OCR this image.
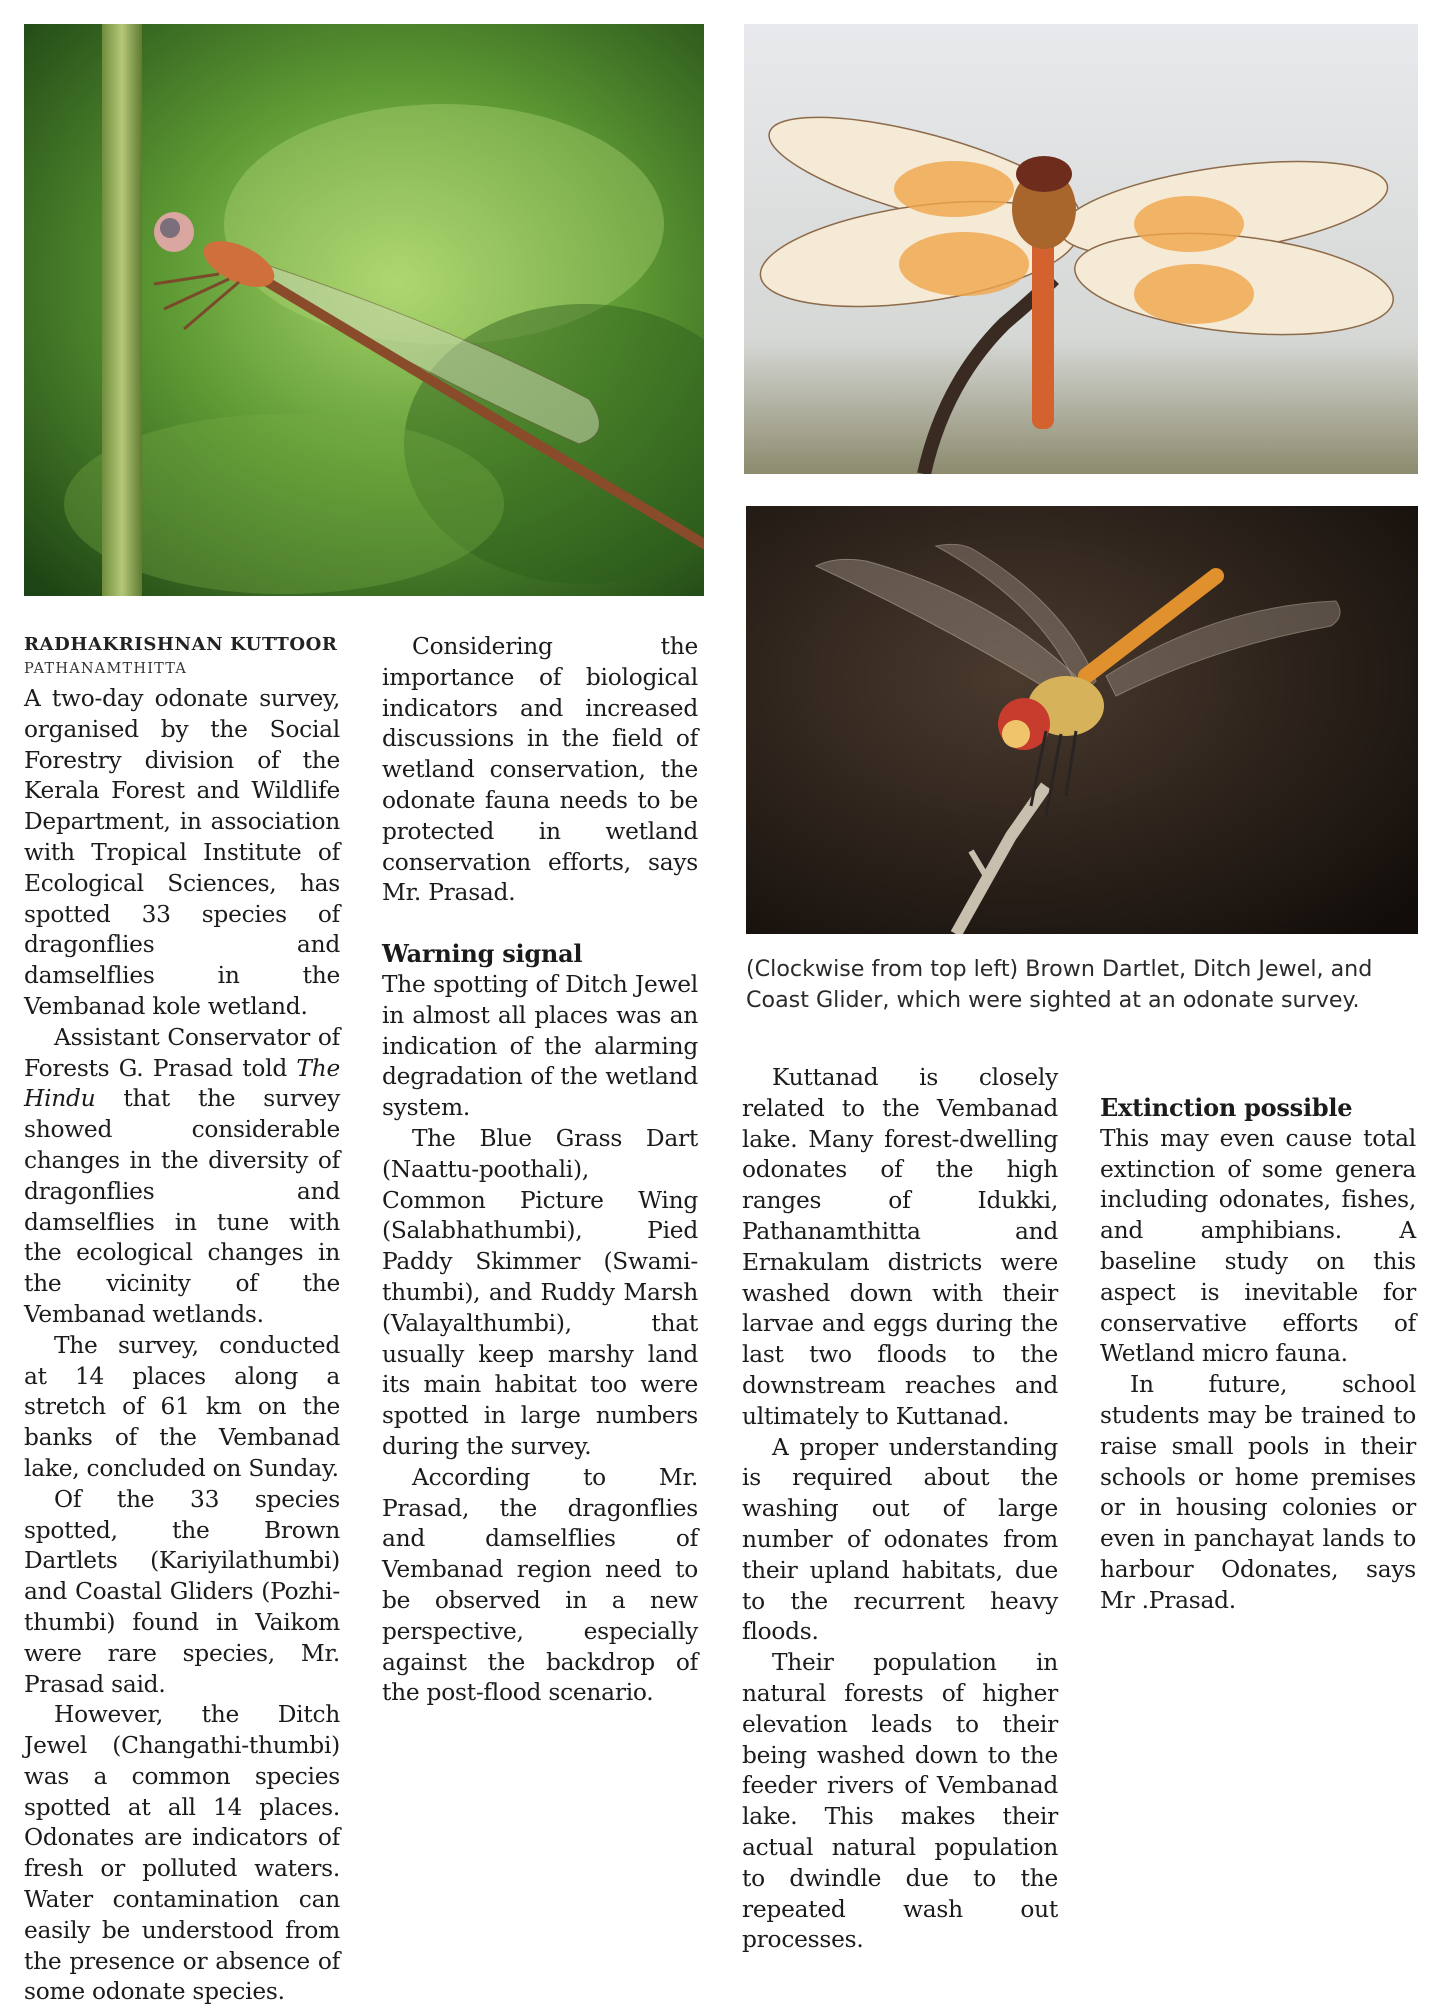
(Clockwise from top left) Brown Dartlet, Ditch Jewel, and Coast Glider, which were sighted at an odonate survey.
RADHAKRISHNAN KUTTOOR
PATHANAMTHITTA

A two-day odonate survey, organised by the Social Forestry division of the Kerala Forest and Wildlife Department, in association with Tropical Institute of Ecological Sciences, has spotted 33 species of dragonflies and damselflies in the Vembanad kole wetland.

Assistant Conservator of Forests G. Prasad told The Hindu that the survey showed considerable changes in the diversity of dragonflies and damselflies in tune with the ecological changes in the vicinity of the Vembanad wetlands.

The survey, conducted at 14 places along a stretch of 61 km on the banks of the Vembanad lake, concluded on Sunday.

Of the 33 species spotted, the Brown Dartlets (Kariyilathumbi) and Coastal Gliders (Pozhi-thumbi) found in Vaikom were rare species, Mr. Prasad said.

However, the Ditch Jewel (Changathi-thumbi) was a common species spotted at all 14 places. Odonates are indicators of fresh or polluted waters. Water contamination can easily be understood from the presence or absence of some odonate species.

Considering the importance of biological indicators and increased discussions in the field of wetland conservation, the odonate fauna needs to be protected in wetland conservation efforts, says Mr. Prasad.

Warning signal

The spotting of Ditch Jewel in almost all places was an indication of the alarming degradation of the wetland system.

The Blue Grass Dart (Naattu-poothali), Common Picture Wing (Salabhathumbi), Pied Paddy Skimmer (Swami-thumbi), and Ruddy Marsh (Valayalthumbi), that usually keep marshy land its main habitat too were spotted in large numbers during the survey.

According to Mr. Prasad, the dragonflies and damselflies of Vembanad region need to be observed in a new perspective, especially against the backdrop of the post-flood scenario.

Kuttanad is closely related to the Vembanad lake. Many forest-dwelling odonates of the high ranges of Idukki, Pathanamthitta and Ernakulam districts were washed down with their larvae and eggs during the last two floods to the downstream reaches and ultimately to Kuttanad.

A proper understanding is required about the washing out of large number of odonates from their upland habitats, due to the recurrent heavy floods.

Their population in natural forests of higher elevation leads to their being washed down to the feeder rivers of Vembanad lake. This makes their actual natural population to dwindle due to the repeated wash out processes.

Extinction possible

This may even cause total extinction of some genera including odonates, fishes, and amphibians. A baseline study on this aspect is inevitable for conservative efforts of Wetland micro fauna.

In future, school students may be trained to raise small pools in their schools or home premises or in housing colonies or even in panchayat lands to harbour Odonates, says Mr .Prasad.
